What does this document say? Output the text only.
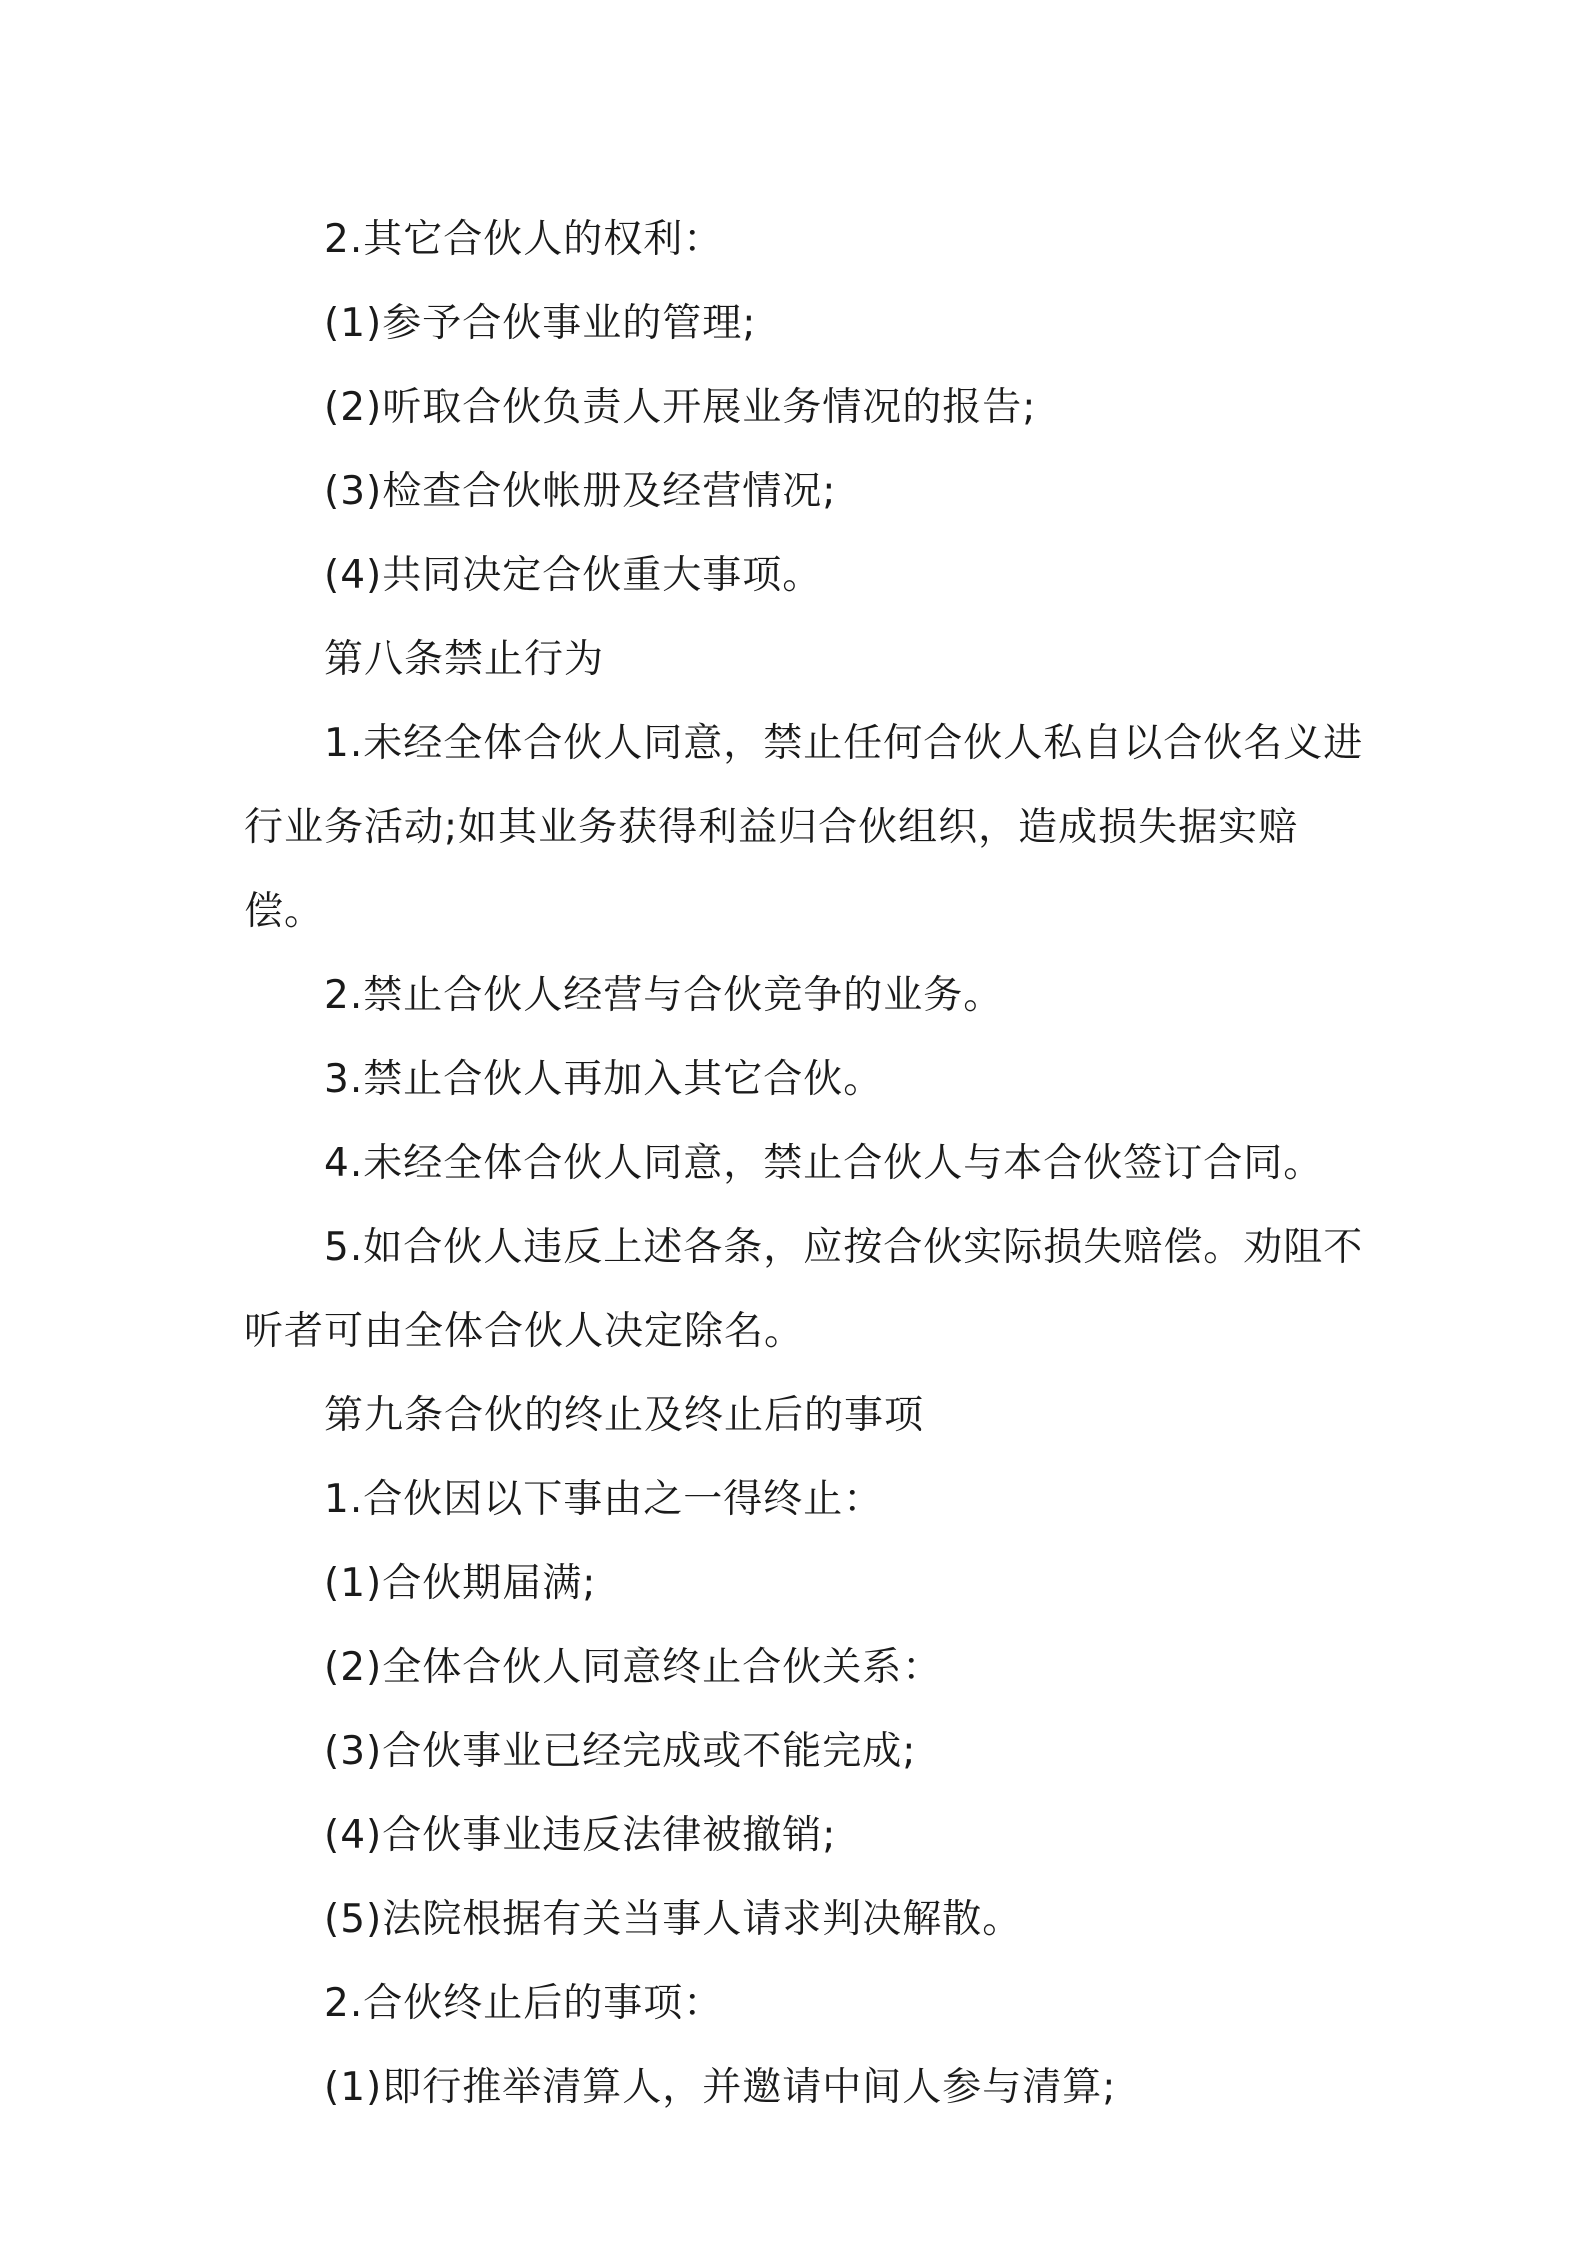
2.其它合伙人的权利：

(1)参予合伙事业的管理;

(2)听取合伙负责人开展业务情况的报告;

(3)检查合伙帐册及经营情况;

(4)共同决定合伙重大事项。

第八条禁止行为

1.未经全体合伙人同意，禁止任何合伙人私自以合伙名义进行业务活动;如其业务获得利益归合伙组织，造成损失据实赔偿。

2.禁止合伙人经营与合伙竞争的业务。

3.禁止合伙人再加入其它合伙。

4.未经全体合伙人同意，禁止合伙人与本合伙签订合同。

5.如合伙人违反上述各条，应按合伙实际损失赔偿。劝阻不听者可由全体合伙人决定除名。

第九条合伙的终止及终止后的事项

1.合伙因以下事由之一得终止：

(1)合伙期届满;

(2)全体合伙人同意终止合伙关系：

(3)合伙事业已经完成或不能完成;

(4)合伙事业违反法律被撤销;

(5)法院根据有关当事人请求判决解散。

2.合伙终止后的事项：

(1)即行推举清算人，并邀请中间人参与清算;
